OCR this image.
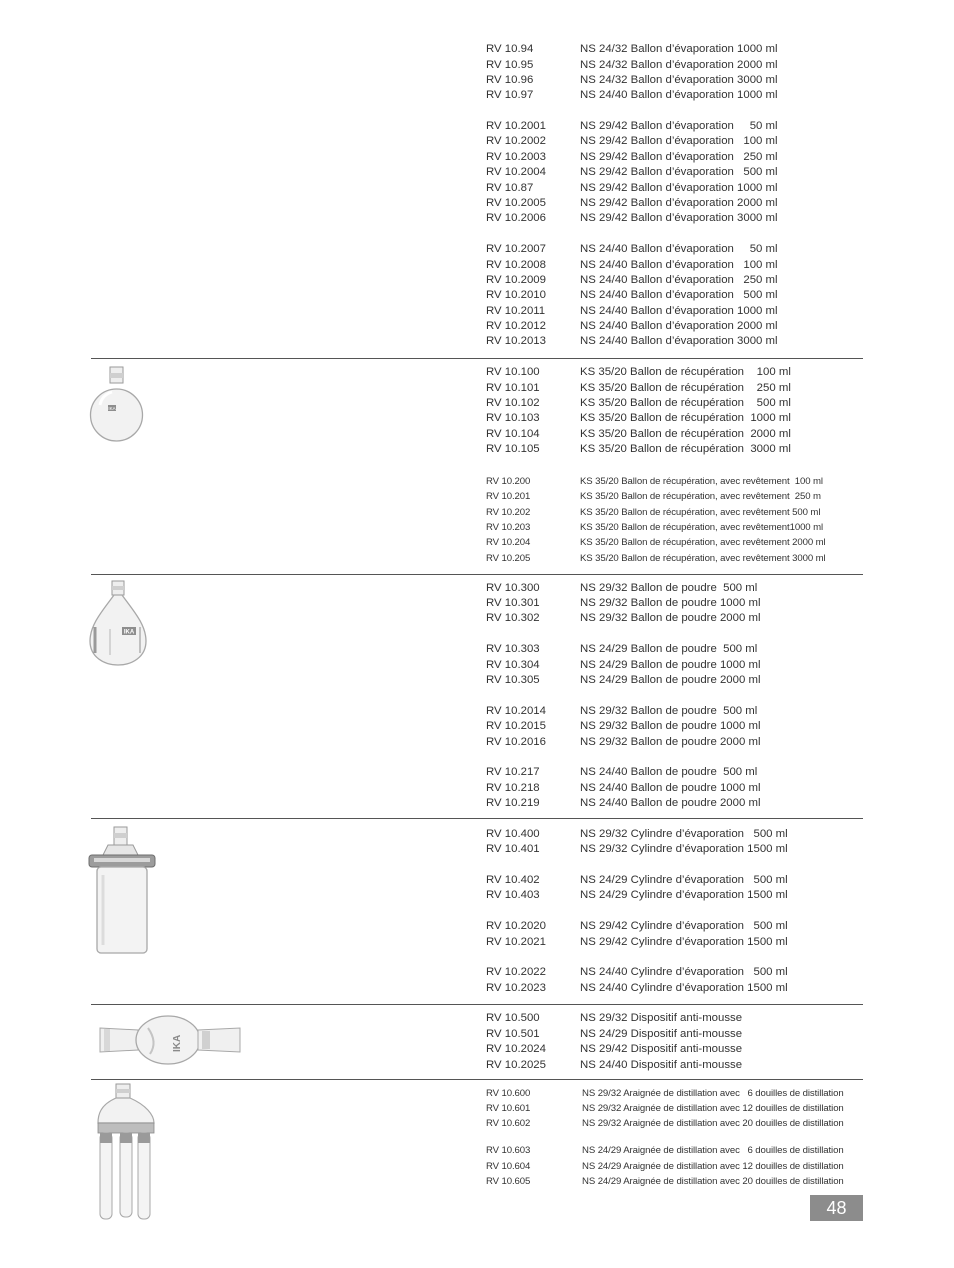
RV 10.94	NS 24/32 Ballon d’évaporation 1000 ml
RV 10.95	NS 24/32 Ballon d’évaporation 2000 ml
RV 10.96	NS 24/32 Ballon d’évaporation 3000 ml
RV 10.97	NS 24/40 Ballon d’évaporation 1000 ml
RV 10.2001	NS 29/42 Ballon d’évaporation     50 ml
RV 10.2002	NS 29/42 Ballon d’évaporation   100 ml
RV 10.2003	NS 29/42 Ballon d’évaporation   250 ml
RV 10.2004	NS 29/42 Ballon d’évaporation   500 ml
RV 10.87	NS 29/42 Ballon d’évaporation 1000 ml
RV 10.2005	NS 29/42 Ballon d’évaporation 2000 ml
RV 10.2006	NS 29/42 Ballon d’évaporation 3000 ml
RV 10.2007	NS 24/40 Ballon d’évaporation     50 ml
RV 10.2008	NS 24/40 Ballon d’évaporation   100 ml
RV 10.2009	NS 24/40 Ballon d’évaporation   250 ml
RV 10.2010	NS 24/40 Ballon d’évaporation   500 ml
RV 10.2011	NS 24/40 Ballon d’évaporation 1000 ml
RV 10.2012	NS 24/40 Ballon d’évaporation 2000 ml
RV 10.2013	NS 24/40 Ballon d’évaporation 3000 ml
IKA
RV 10.100	KS 35/20 Ballon de récupération    100 ml
RV 10.101	KS 35/20 Ballon de récupération    250 ml
RV 10.102	KS 35/20 Ballon de récupération    500 ml
RV 10.103	KS 35/20 Ballon de récupération  1000 ml
RV 10.104	KS 35/20 Ballon de récupération  2000 ml
RV 10.105	KS 35/20 Ballon de récupération  3000 ml
RV 10.200	KS 35/20 Ballon de récupération, avec revêtement  100 ml
RV 10.201	KS 35/20 Ballon de récupération, avec revêtement  250 m
RV 10.202	KS 35/20 Ballon de récupération, avec revêtement 500 ml
RV 10.203	KS 35/20 Ballon de récupération, avec revêtement1000 ml
RV 10.204	KS 35/20 Ballon de récupération, avec revêtement 2000 ml
RV 10.205	KS 35/20 Ballon de récupération, avec revêtement 3000 ml
IKA
RV 10.300	NS 29/32 Ballon de poudre  500 ml
RV 10.301	NS 29/32 Ballon de poudre 1000 ml
RV 10.302	NS 29/32 Ballon de poudre 2000 ml
RV 10.303	NS 24/29 Ballon de poudre  500 ml
RV 10.304	NS 24/29 Ballon de poudre 1000 ml
RV 10.305	NS 24/29 Ballon de poudre 2000 ml
RV 10.2014	NS 29/32 Ballon de poudre  500 ml
RV 10.2015	NS 29/32 Ballon de poudre 1000 ml
RV 10.2016	NS 29/32 Ballon de poudre 2000 ml
RV 10.217	NS 24/40 Ballon de poudre  500 ml
RV 10.218	NS 24/40 Ballon de poudre 1000 ml
RV 10.219	NS 24/40 Ballon de poudre 2000 ml
RV 10.400	NS 29/32 Cylindre d’évaporation   500 ml
RV 10.401	NS 29/32 Cylindre d’évaporation 1500 ml
RV 10.402	NS 24/29 Cylindre d’évaporation   500 ml
RV 10.403	NS 24/29 Cylindre d’évaporation 1500 ml
RV 10.2020	NS 29/42 Cylindre d’évaporation   500 ml
RV 10.2021	NS 29/42 Cylindre d’évaporation 1500 ml
RV 10.2022	NS 24/40 Cylindre d’évaporation   500 ml
RV 10.2023	NS 24/40 Cylindre d’évaporation 1500 ml
IKA
RV 10.500	NS 29/32 Dispositif anti-mousse
RV 10.501	NS 24/29 Dispositif anti-mousse
RV 10.2024	NS 29/42 Dispositif anti-mousse
RV 10.2025	NS 24/40 Dispositif anti-mousse
RV 10.600	NS 29/32 Araignée de distillation avec   6 douilles de distillation
RV 10.601	NS 29/32 Araignée de distillation avec 12 douilles de distillation
RV 10.602	NS 29/32 Araignée de distillation avec 20 douilles de distillation
RV 10.603	NS 24/29 Araignée de distillation avec   6 douilles de distillation
RV 10.604	NS 24/29 Araignée de distillation avec 12 douilles de distillation
RV 10.605	NS 24/29 Araignée de distillation avec 20 douilles de distillation
48
